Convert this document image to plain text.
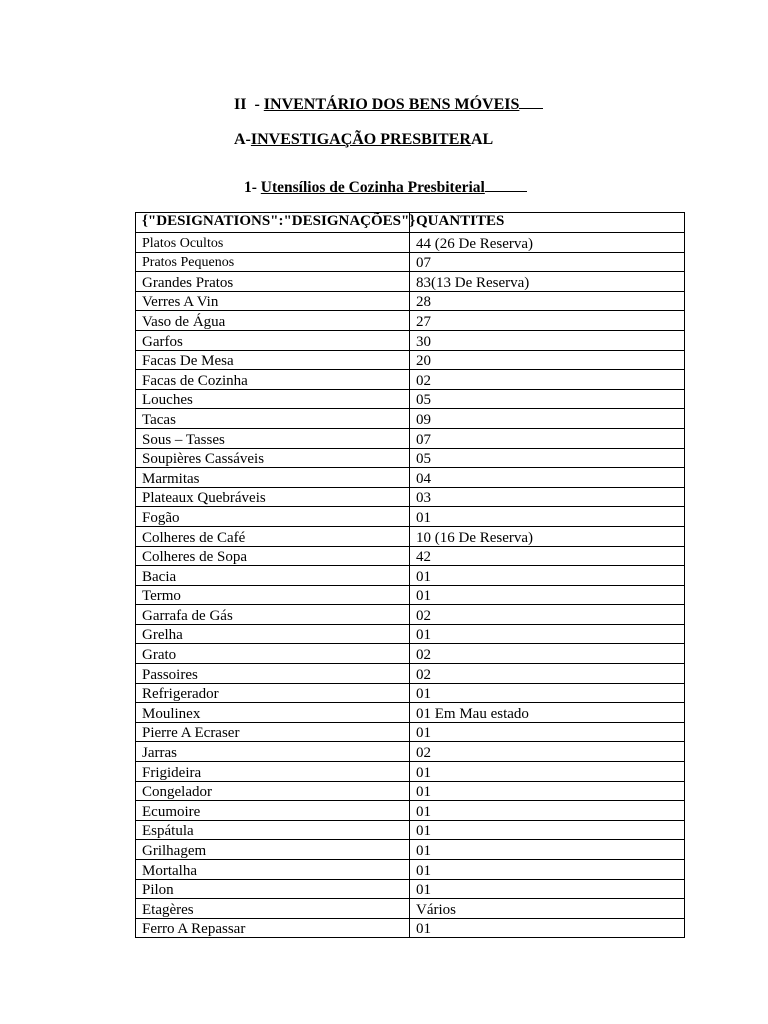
II  - INVENTÁRIO DOS BENS MÓVEIS
A-INVESTIGAÇÃO PRESBITERAL
1- Utensílios de Cozinha Presbiterial
{"DESIGNATIONS":"DESIGNAÇÕES"}	QUANTITES
Platos Ocultos	44 (26 De Reserva)
Pratos Pequenos	07
Grandes Pratos	83(13 De Reserva)
Verres A Vin	28
Vaso de Água	27
Garfos	30
Facas De Mesa	20
Facas de Cozinha	02
Louches	05
Tacas	09
Sous – Tasses	07
Soupières Cassáveis	05
Marmitas	04
Plateaux Quebráveis	03
Fogão	01
Colheres de Café	10 (16 De Reserva)
Colheres de Sopa	42
Bacia	01
Termo	01
Garrafa de Gás	02
Grelha	01
Grato	02
Passoires	02
Refrigerador	01
Moulinex	01 Em Mau estado
Pierre A Ecraser	01
Jarras	02
Frigideira	01
Congelador	01
Ecumoire	01
Espátula	01
Grilhagem	01
Mortalha	01
Pilon	01
Etagères	Vários
Ferro A Repassar	01
